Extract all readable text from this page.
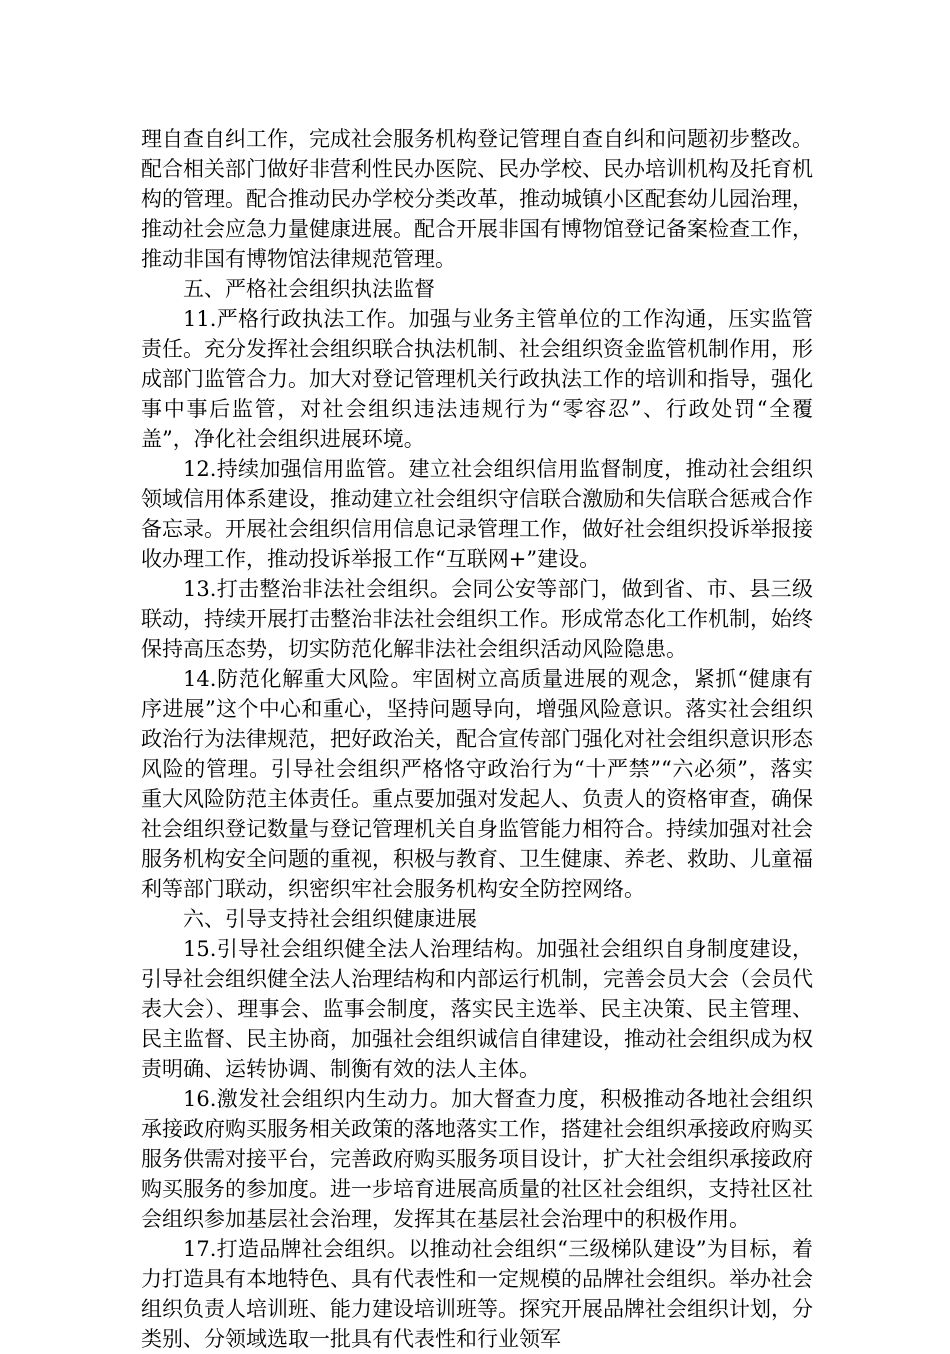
理自查自纠工作，完成社会服务机构登记管理自查自纠和问题初步整改。配合相关部门做好非营利性民办医院、民办学校、民办培训机构及托育机构的管理。配合推动民办学校分类改革，推动城镇小区配套幼儿园治理，推动社会应急力量健康进展。配合开展非国有博物馆登记备案检查工作，推动非国有博物馆法律规范管理。

五、严格社会组织执法监督

11.严格行政执法工作。加强与业务主管单位的工作沟通，压实监管责任。充分发挥社会组织联合执法机制、社会组织资金监管机制作用，形成部门监管合力。加大对登记管理机关行政执法工作的培训和指导，强化事中事后监管，对社会组织违法违规行为“零容忍”、行政处罚“全覆盖”，净化社会组织进展环境。

12.持续加强信用监管。建立社会组织信用监督制度，推动社会组织领域信用体系建设，推动建立社会组织守信联合激励和失信联合惩戒合作备忘录。开展社会组织信用信息记录管理工作，做好社会组织投诉举报接收办理工作，推动投诉举报工作“互联网+”建设。

13.打击整治非法社会组织。会同公安等部门，做到省、市、县三级联动，持续开展打击整治非法社会组织工作。形成常态化工作机制，始终保持高压态势，切实防范化解非法社会组织活动风险隐患。

14.防范化解重大风险。牢固树立高质量进展的观念，紧抓“健康有序进展”这个中心和重心，坚持问题导向，增强风险意识。落实社会组织政治行为法律规范，把好政治关，配合宣传部门强化对社会组织意识形态风险的管理。引导社会组织严格恪守政治行为“十严禁”“六必须”，落实重大风险防范主体责任。重点要加强对发起人、负责人的资格审查，确保社会组织登记数量与登记管理机关自身监管能力相符合。持续加强对社会服务机构安全问题的重视，积极与教育、卫生健康、养老、救助、儿童福利等部门联动，织密织牢社会服务机构安全防控网络。

六、引导支持社会组织健康进展

15.引导社会组织健全法人治理结构。加强社会组织自身制度建设，引导社会组织健全法人治理结构和内部运行机制，完善会员大会（会员代表大会）、理事会、监事会制度，落实民主选举、民主决策、民主管理、民主监督、民主协商，加强社会组织诚信自律建设，推动社会组织成为权责明确、运转协调、制衡有效的法人主体。

16.激发社会组织内生动力。加大督查力度，积极推动各地社会组织承接政府购买服务相关政策的落地落实工作，搭建社会组织承接政府购买服务供需对接平台，完善政府购买服务项目设计，扩大社会组织承接政府购买服务的参加度。进一步培育进展高质量的社区社会组织，支持社区社会组织参加基层社会治理，发挥其在基层社会治理中的积极作用。

17.打造品牌社会组织。以推动社会组织“三级梯队建设”为目标，着力打造具有本地特色、具有代表性和一定规模的品牌社会组织。举办社会组织负责人培训班、能力建设培训班等。探究开展品牌社会组织计划，分类别、分领域选取一批具有代表性和行业领军
